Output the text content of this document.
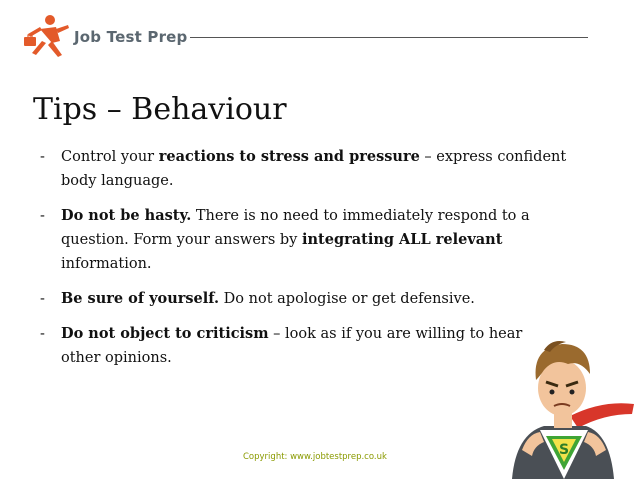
Job Test Prep
Tips – Behaviour
- Control your reactions to stress and pressure – express confident
body language.
- Do not be hasty. There is no need to immediately respond to a
question. Form your answers by integrating ALL relevant
information.
- Be sure of yourself. Do not apologise or get defensive.
- Do not object to criticism – look as if you are willing to hear
other opinions.
Copyright: www.jobtestprep.co.uk	S
